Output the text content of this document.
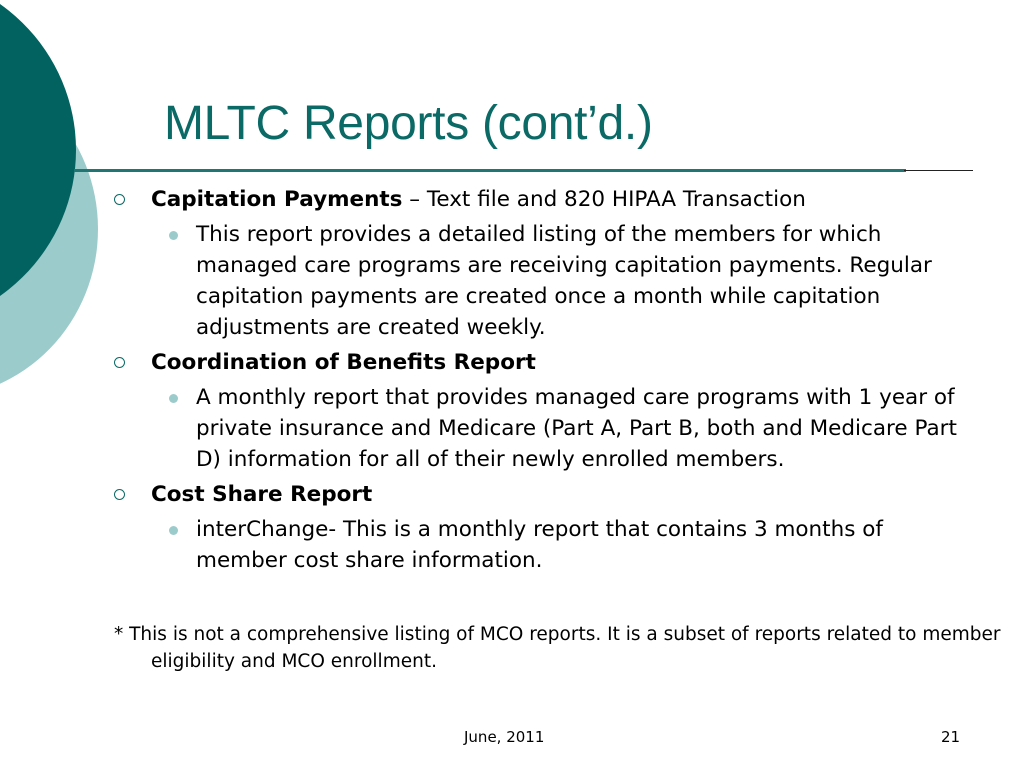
MLTC Reports (cont’d.)
Capitation Payments – Text file and 820 HIPAA Transaction
This report provides a detailed listing of the members for which managed care programs are receiving capitation payments. Regular capitation payments are created once a month while capitation adjustments are created weekly.
Coordination of Benefits Report
A monthly report that provides managed care programs with 1 year of private insurance and Medicare (Part A, Part B, both and Medicare Part D) information for all of their newly enrolled members.
Cost Share Report
interChange- This is a monthly report that contains 3 months of member cost share information.
* This is not a comprehensive listing of MCO reports. It is a subset of reports related to member eligibility and MCO enrollment.
June, 2011	21
